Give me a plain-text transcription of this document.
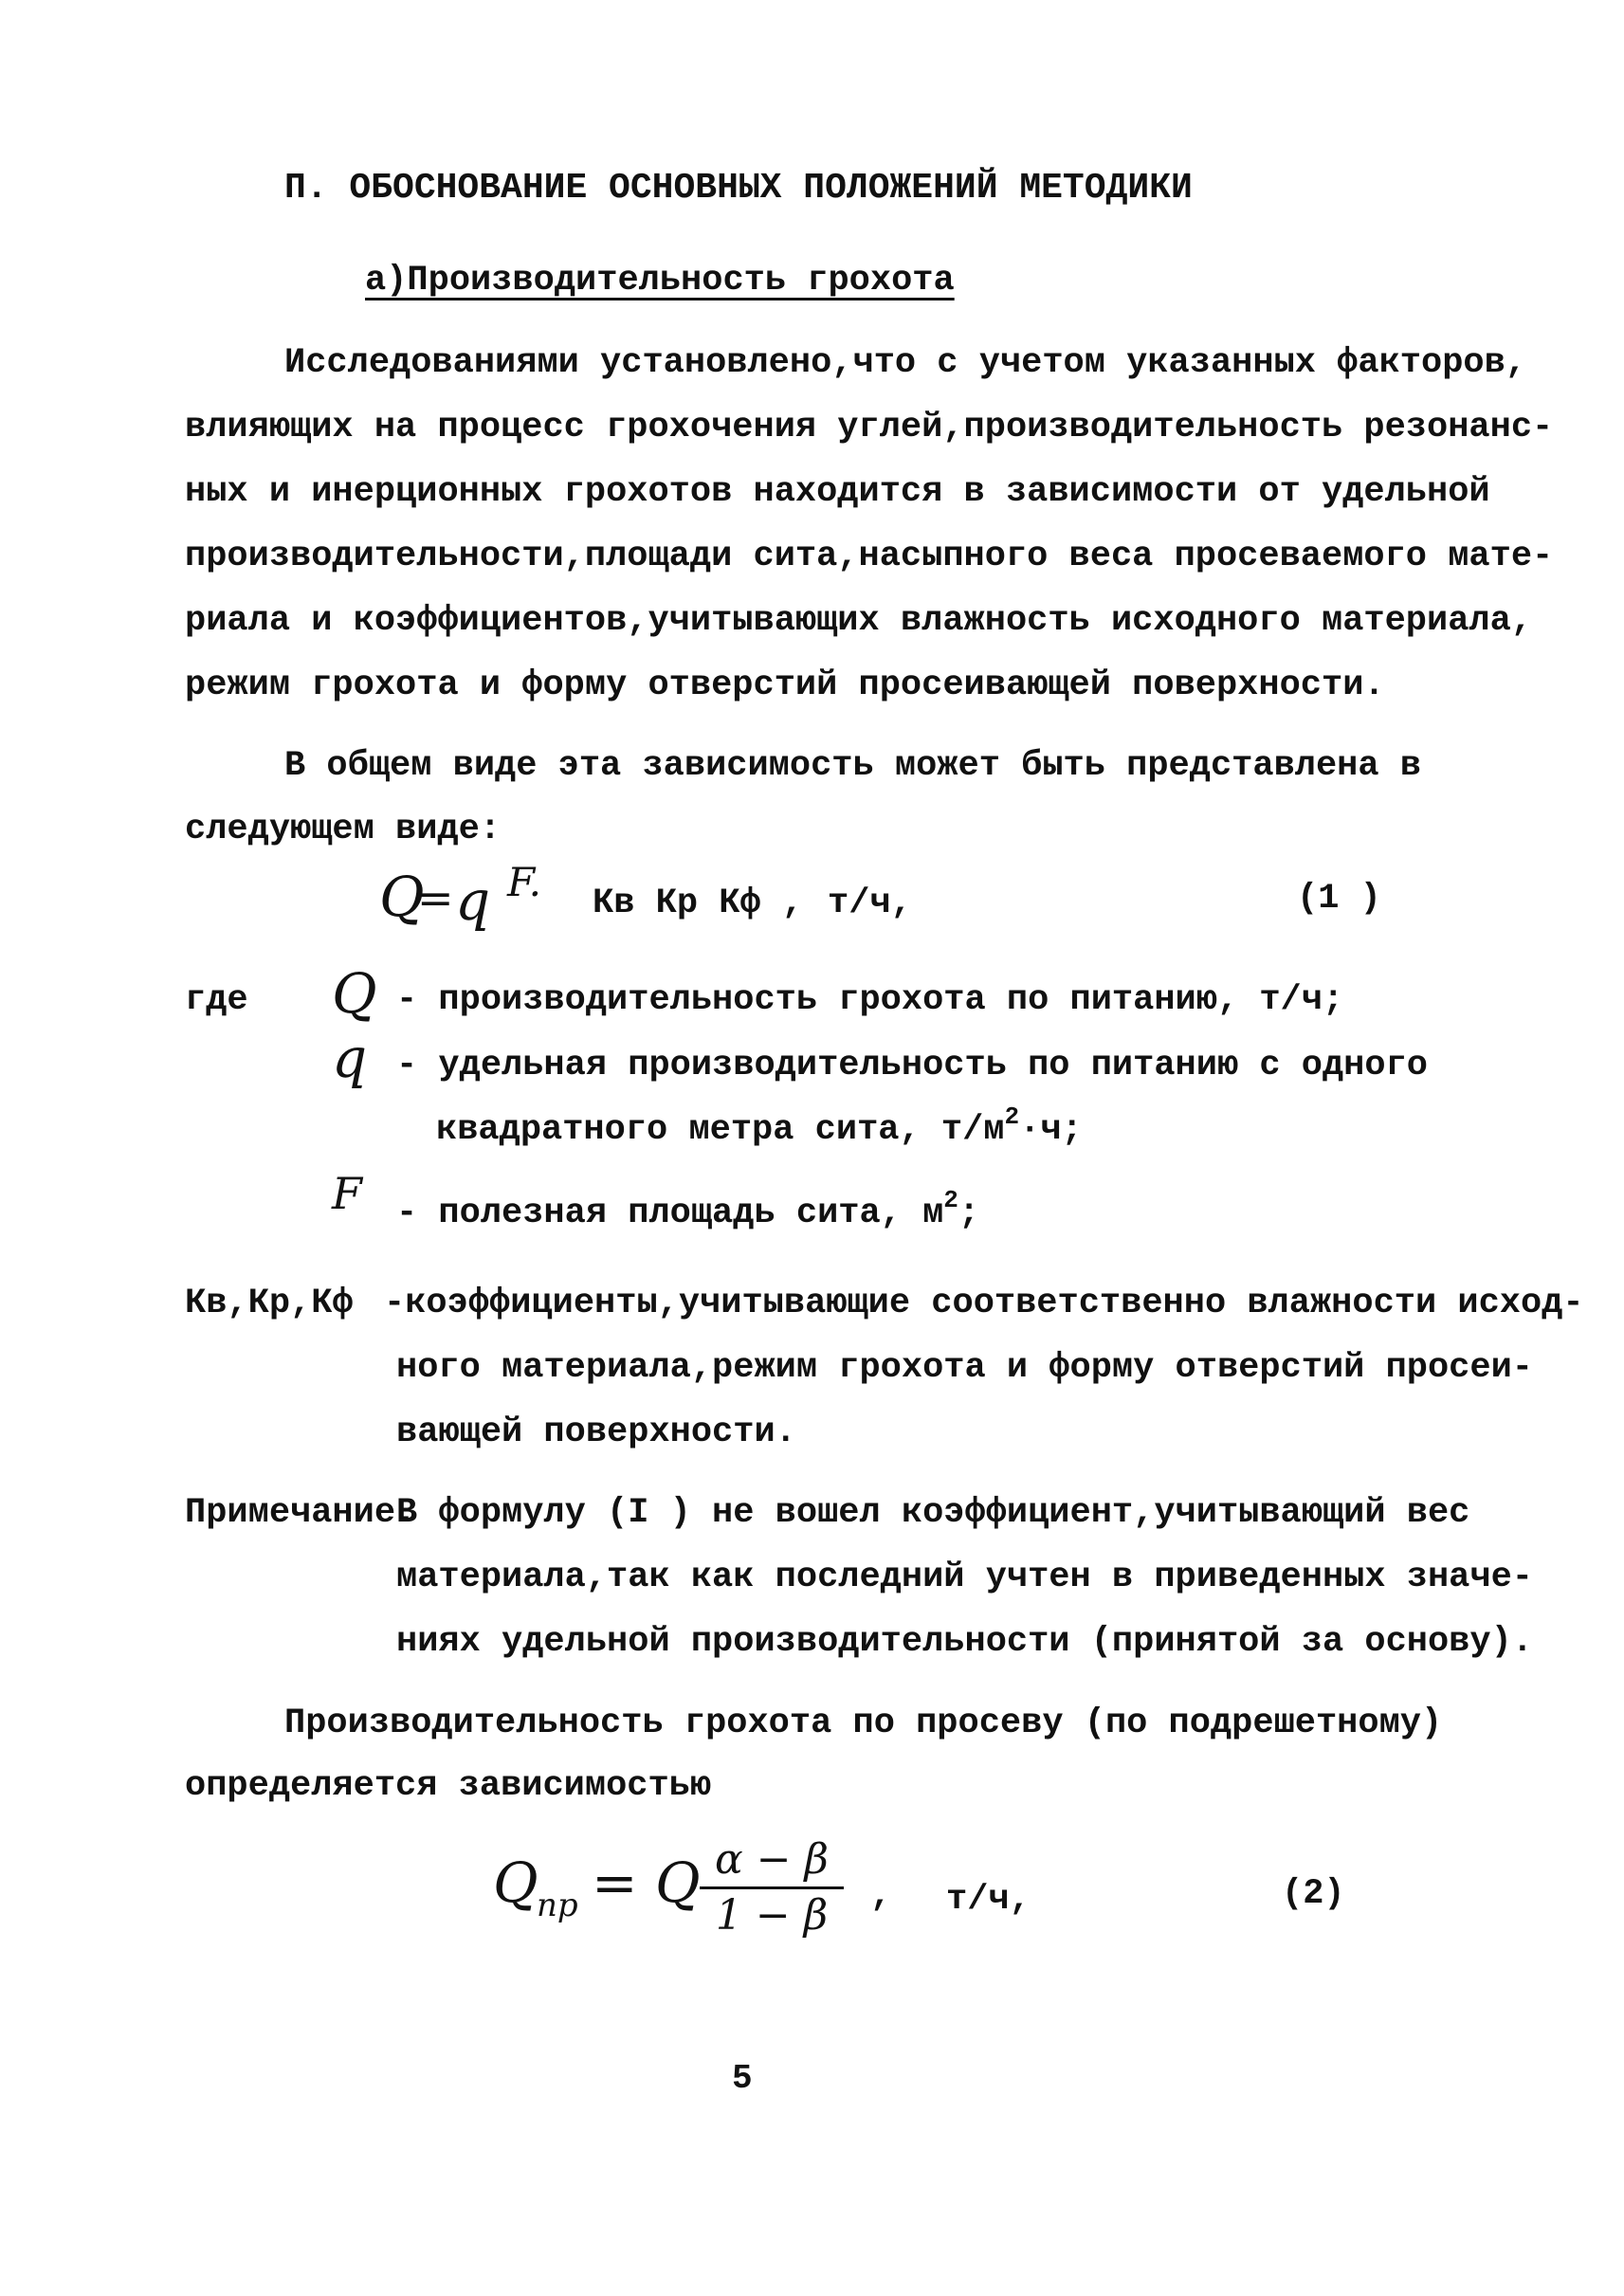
П. ОБОСНОВАНИЕ ОСНОВНЫХ ПОЛОЖЕНИЙ МЕТОДИКИ
а)Производительность грохота
Исследованиями установлено,что с учетом указанных факторов,
влияющих на процесс грохочения углей,производительность резонанс-
ных и инерционных грохотов находится в зависимости от удельной
производительности,площади сита,насыпного веса просеваемого мате-
риала и коэффициентов,учитывающих влажность исходного материала,
режим грохота и форму отверстий просеивающей поверхности.
В общем виде эта зависимость может быть представлена в
следующем виде:
Q
= q F. Кв Кр Кф , т/ч,	(1 )
где Q - производительность грохота по питанию, т/ч;
q - удельная производительность по питанию с одного
квадратного метра сита, $т/м^2\cdot ч$;
F - полезная площадь сита, $м^2$;
Кв,Кр,Кф -коэффициенты,учитывающие соответственно влажности исход-
ного материала,режим грохота и форму отверстий просеи-
вающей поверхности.
Примечание.
В формулу (I ) не вошел коэффициент,учитывающий вес
материала,так как последний учтен в приведенных значе-
ниях удельной производительности (принятой за основу).
Производительность грохота по просеву (по подрешетному)
определяется зависимостью
Q
пр = Q α − β
1 − β , т/ч,	(2)
5
